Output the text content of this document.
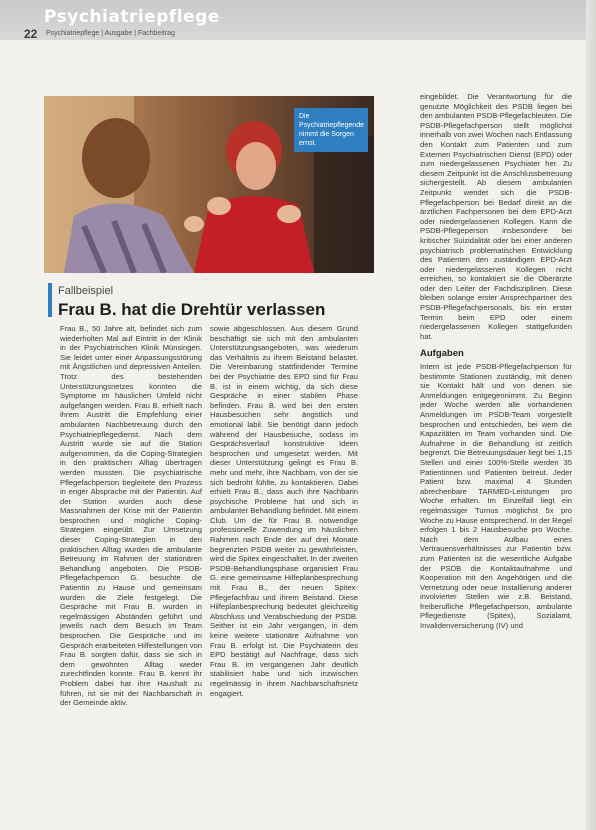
Psychiatriepflege
22 Psychiatriepflege | Ausgabe | Fachbeitrag
Die Psychiatriepflegende nimmt die Sorgen ernst.
Fallbeispiel
Frau B. hat die Drehtür verlassen

Frau B., 50 Jahre alt, befindet sich zum wiederholten Mal auf Eintritt in der Klinik in der Psychiatrischen Klinik Münsingen. Sie leidet unter einer Anpassungsstörung mit Ängstlichen und depressiven Anteilen. Trotz des bestehenden Unterstützungsnetzes konnten die Symptome im häuslichen Umfeld nicht aufgefangen werden. Frau B. erhielt nach ihrem Austritt die Empfehlung einer ambulanten Nachbetreuung durch den Psychiatriepflegedienst. Nach dem Austritt wurde sie auf die Station aufgenommen, da die Coping-Strategien in den praktischen Alltag übertragen werden mussten. Die psychiatrische Pflegefachperson begleitete den Prozess in enger Absprache mit der Patientin. Auf der Station wurden auch diese Massnahmen der Krise mit der Patientin besprochen und mögliche Coping-Strategien eingeübt. Zur Umsetzung dieser Coping-Strategien in den praktischen Alltag wurden die ambulante Betreuung im Rahmen der stationären Behandlung angeboten. Die PSDB-Pflegefachperson G. besuchte die Patientin zu Hause und gemeinsam wurden die Ziele festgelegt. Die Gespräche mit Frau B. wurden in regelmässigen Abständen geführt und jeweils nach dem Besuch im Team besprochen. Die Gespräche und im Gespräch erarbeiteten Hilfestellungen von Frau B. sorgten dafür, dass sie sich in dem gewohnten Alltag wieder zurechtfinden konnte. Frau B. kennt ihr Problem dabei hat ihre Haushalt zu führen, ist sie mit der Nachbarschaft in der Gemeinde aktiv.

sowie abgeschlossen. Aus diesem Grund beschäftigt sie sich mit den ambulanten Unterstützungsangeboten, was wiederum das Verhältnis zu ihrem Beistand belastet. Die Vereinbarung stattfindender Termine bei der Psychiatrie des EPD sind für Frau B. ist in einem wichtig, da sich diese Gespräche in einer stabilen Phase befinden. Frau B. wird bei den ersten Hausbesuchen sehr ängstlich und emotional labil. Sie benötigt dann jedoch während der Hausbesuche, sodass im Gesprächsverlauf konstruktive Ideen besprochen und umgesetzt werden. Mit dieser Unterstützung gelingt es Frau B. mehr und mehr, ihre Nachbarn, von der sie sich bedroht fühlte, zu kontaktieren. Dabei erhielt Frau B., dass auch ihre Nachbarin psychische Probleme hat und sich in ambulanter Behandlung befindet. Mit einem Club. Um die für Frau B. notwendige professionelle Zuwendung im häuslichen Rahmen nach Ende der auf drei Monate begrenzten PSDB weiter zu gewährleisten, wird die Spitex eingeschaltet. In der zweiten PSDB-Behandlungsphase organisiert Frau G. eine gemeinsame Hilfeplanbesprechung mit Frau B., der neuen Spitex-Pflegefachfrau und ihrem Beistand. Diese Hilfeplanbesprechung bedeutet gleichzeitig Abschluss und Verabschiedung der PSDB. Seither ist ein Jahr vergangen, in dem keine weitere stationäre Aufnahme von Frau B. erfolgt ist. Die Psychiaterin des EPD bestätigt auf Nachfrage, dass sich Frau B. im vergangenen Jahr deutlich stabilisiert habe und sich inzwischen regelmässig in ihrem Nachbarschaftsnetz engagiert.

eingebildet. Die Verantwortung für die genutzte Möglichkeit des PSDB liegen bei den ambulanten PSDB-Pflegefachleuten. Die PSDB-Pflegefachperson stellt möglichst innerhalb von zwei Wochen nach Entlassung den Kontakt zum Patienten und zum Externen Psychiatrischen Dienst (EPD) oder zum niedergelassenen Psychiater her. Zu diesem Zeitpunkt ist die Anschlussbetreuung sichergestellt. Ab diesem ambulanten Zeitpunkt wendet sich die PSDB-Pflegefachperson bei Bedarf direkt an die ärztlichen Fachpersonen bei dem EPD-Arzt oder niedergelassenen Kollegen. Kann die PSDB-Pflegeperson insbesondere bei kritischer Suizidalität oder bei einer anderen psychiatrisch problematischen Entwicklung des Patienten den zuständigen EPD-Arzt oder niedergelassenen Kollegen nicht erreichen, so kontaktiert sie die Oberärzte oder den Leiter der Fachdisziplinen. Diese bleiben solange erster Ansprechpartner des PSDB-Pflegefachpersonals, bis ein erster Termin beim EPD oder einem niedergelassenen Kollegen stattgefunden hat.

Aufgaben

Intern ist jede PSDB-Pflegefachperson für bestimmte Stationen zuständig, mit denen sie Kontakt hält und von denen sie Anmeldungen entgegennimmt. Zu Beginn jeder Woche werden alle vorhandenen Anmeldungen im PSDB-Team vorgestellt besprochen und entschieden, bei wem die Kapazitäten im Team vorhanden sind. Die Aufnahme in die Behandlung ist zeitlich begrenzt. Die Betreuungsdauer liegt bei 1,15 Stellen und einer 100%-Stelle werden 35 Patientinnen und Patienten betreut. Jeder Patient bzw. maximal 4 Stunden abrechenbare TARMED-Leistungen pro Woche erhalten. Im Einzelfall liegt ein regelmässiger Turnus möglichst 5x pro Woche zu Hause entsprechend. In der Regel erfolgen 1 bis 2 Hausbesuche pro Woche. Nach dem Aufbau eines Vertrauensverhältnisses zur Patientin bzw. zum Patienten ist die wesentliche Aufgabe der PSDB die Kontaktaufnahme und Kooperation mit den Angehörigen und die Vernetzung oder neue Installierung anderer involvierter Stellen wie z.B. Beistand, freiberufliche Pflegefachperson, ambulante Pflegedienste (Spitex), Sozialamt, Invalidenversicherung (IV) und
